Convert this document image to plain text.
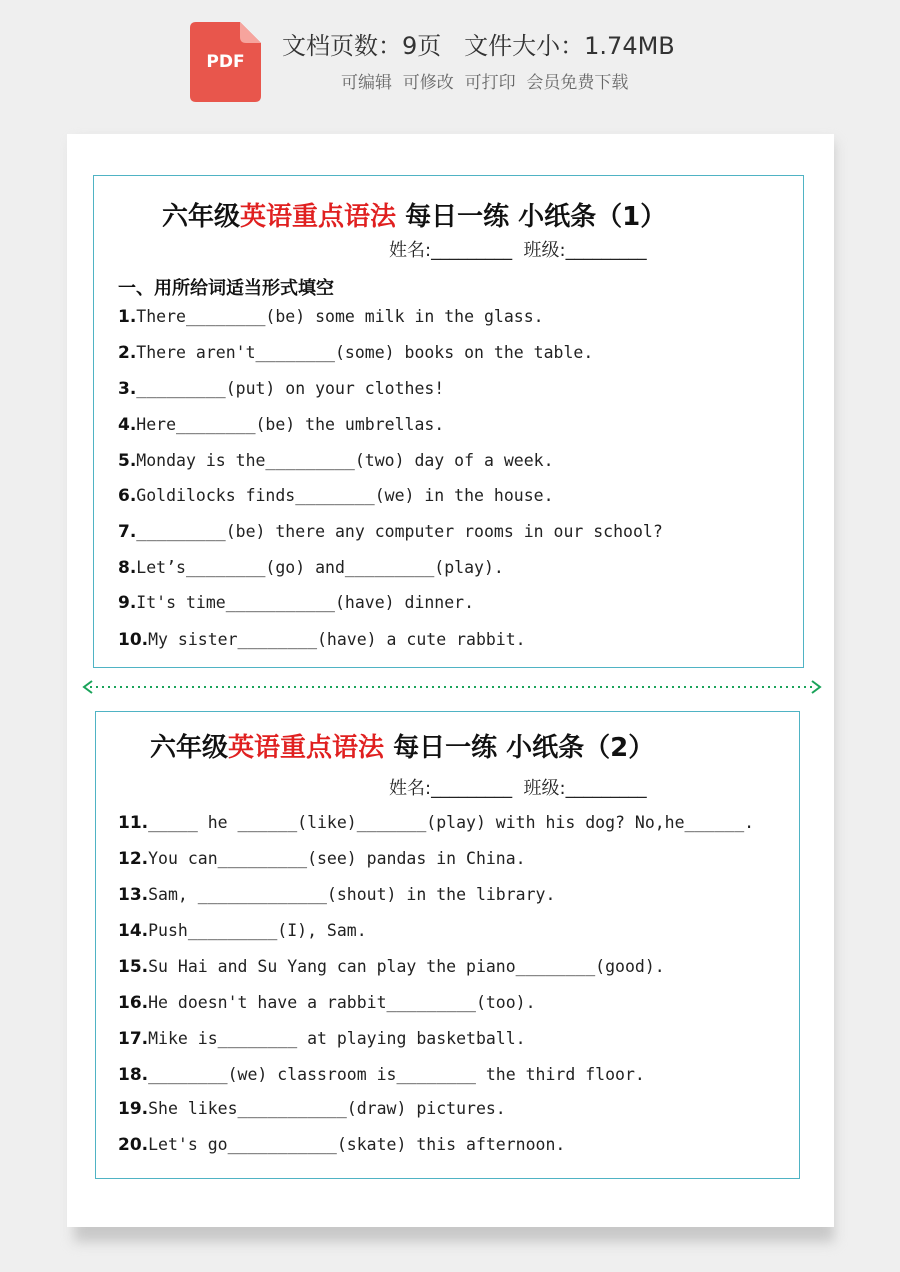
PDF
文档页数：9页   文件大小：1.74MB
可编辑  可修改  可打印  会员免费下载
六年级英语重点语法 每日一练 小纸条（1）
姓名:_________  班级:_________
一、用所给词适当形式填空
1.There________(be) some milk in the glass.
2.There aren't________(some) books on the table.
3._________(put) on your clothes!
4.Here________(be) the umbrellas.
5.Monday is the_________(two) day of a week.
6.Goldilocks finds________(we) in the house.
7._________(be) there any computer rooms in our school?
8.Let’s________(go) and_________(play).
9.It's time___________(have) dinner.
10.My sister________(have) a cute rabbit.
六年级英语重点语法 每日一练 小纸条（2）
姓名:_________  班级:_________
11._____ he ______(like)_______(play) with his dog? No,he______.
12.You can_________(see) pandas in China.
13.Sam, _____________(shout) in the library.
14.Push_________(I), Sam.
15.Su Hai and Su Yang can play the piano________(good).
16.He doesn't have a rabbit_________(too).
17.Mike is________ at playing basketball.
18.________(we) classroom is________ the third floor.
19.She likes___________(draw) pictures.
20.Let's go___________(skate) this afternoon.
